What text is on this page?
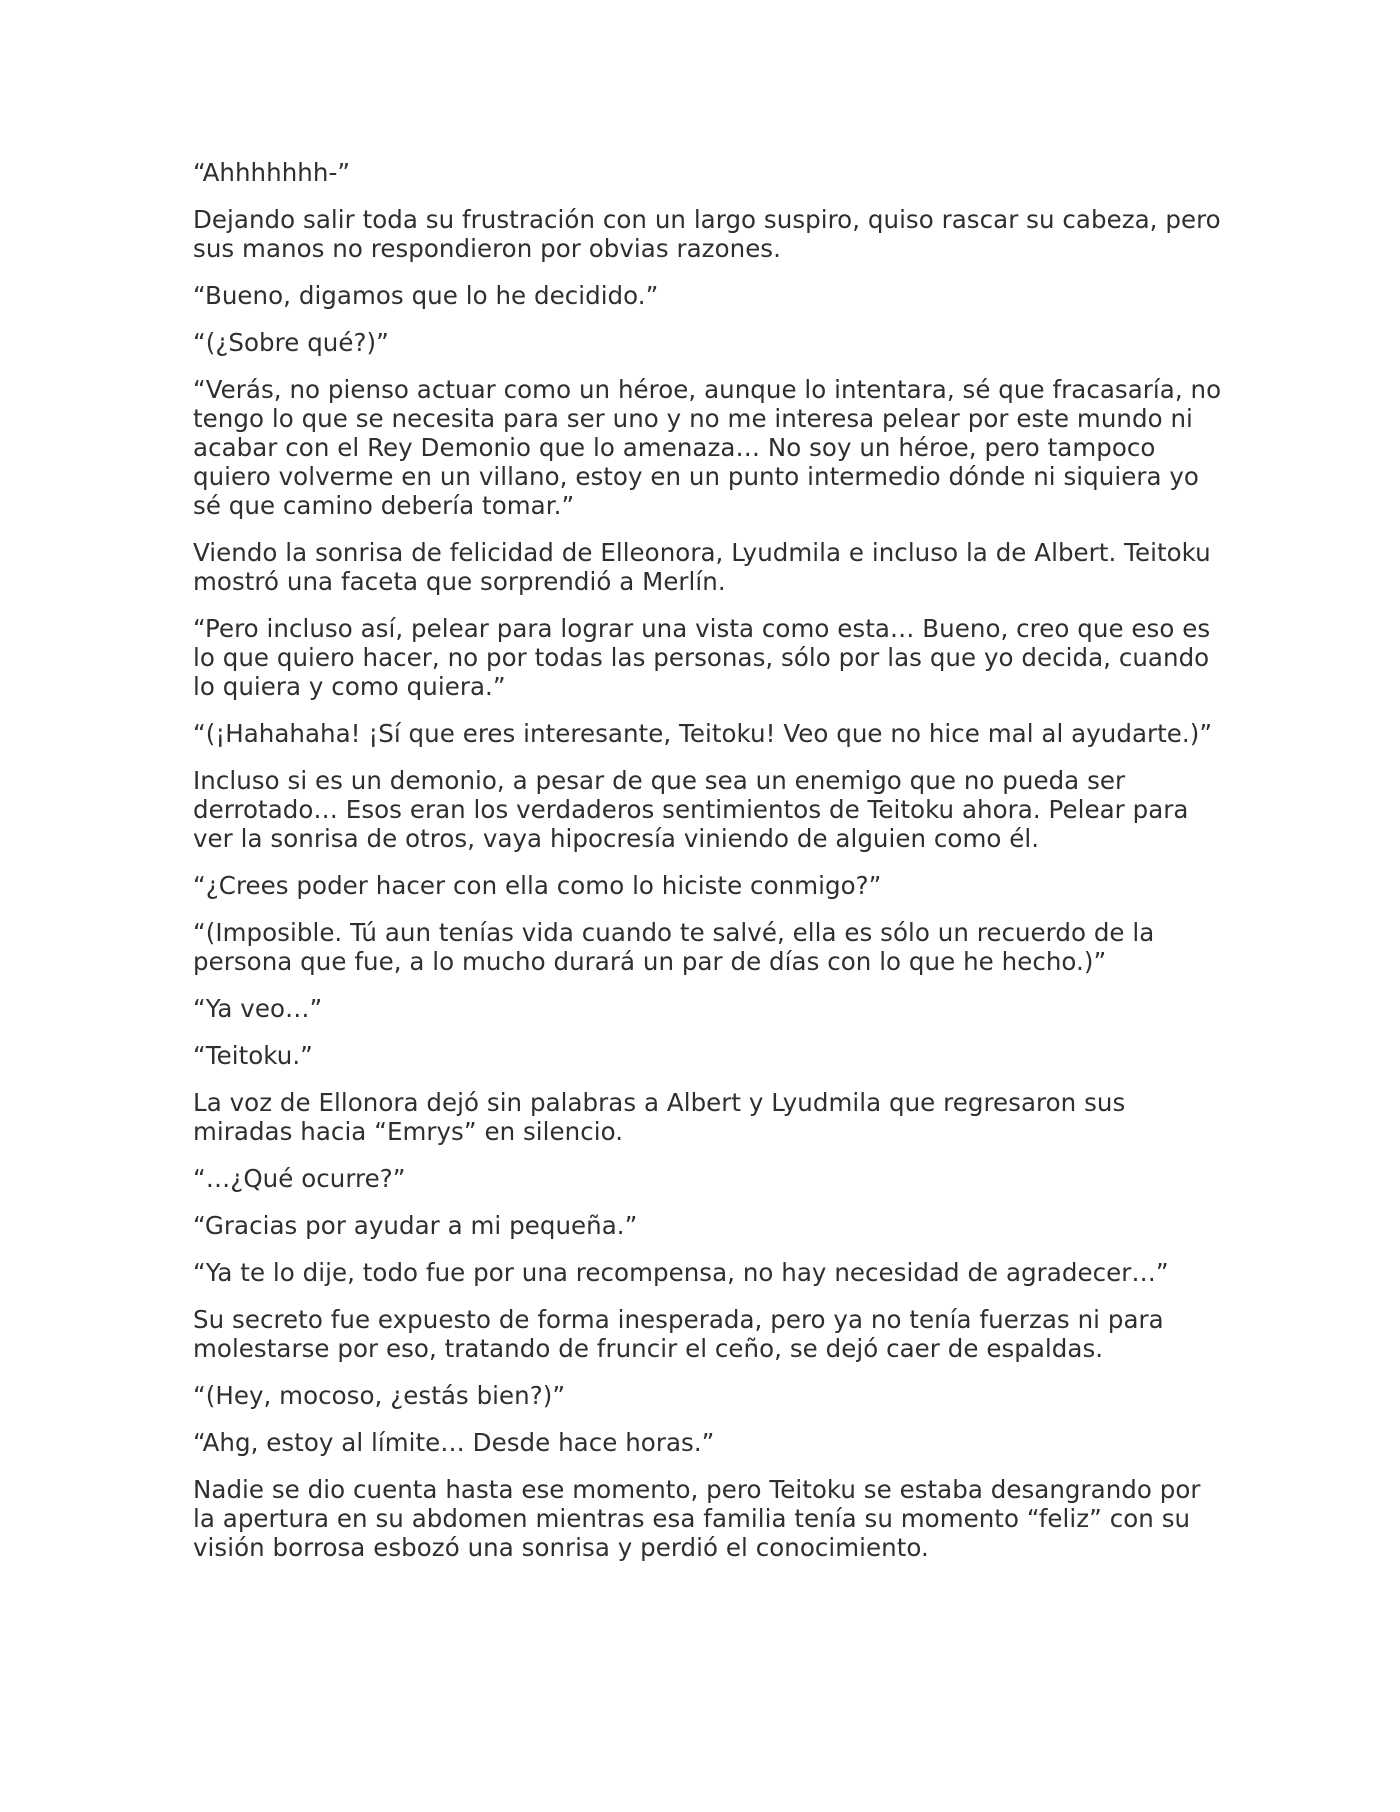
“Ahhhhhhh-”

Dejando salir toda su frustración con un largo suspiro, quiso rascar su cabeza, pero sus manos no respondieron por obvias razones.

“Bueno, digamos que lo he decidido.”

“(¿Sobre qué?)”

“Verás, no pienso actuar como un héroe, aunque lo intentara, sé que fracasaría, no tengo lo que se necesita para ser uno y no me interesa pelear por este mundo ni acabar con el Rey Demonio que lo amenaza… No soy un héroe, pero tampoco quiero volverme en un villano, estoy en un punto intermedio dónde ni siquiera yo sé que camino debería tomar.”

Viendo la sonrisa de felicidad de Elleonora, Lyudmila e incluso la de Albert. Teitoku mostró una faceta que sorprendió a Merlín.

“Pero incluso así, pelear para lograr una vista como esta… Bueno, creo que eso es lo que quiero hacer, no por todas las personas, sólo por las que yo decida, cuando lo quiera y como quiera.”

“(¡Hahahaha! ¡Sí que eres interesante, Teitoku! Veo que no hice mal al ayudarte.)”

Incluso si es un demonio, a pesar de que sea un enemigo que no pueda ser derrotado… Esos eran los verdaderos sentimientos de Teitoku ahora. Pelear para ver la sonrisa de otros, vaya hipocresía viniendo de alguien como él.

“¿Crees poder hacer con ella como lo hiciste conmigo?”

“(Imposible. Tú aun tenías vida cuando te salvé, ella es sólo un recuerdo de la persona que fue, a lo mucho durará un par de días con lo que he hecho.)”

“Ya veo…”

“Teitoku.”

La voz de Ellonora dejó sin palabras a Albert y Lyudmila que regresaron sus miradas hacia “Emrys” en silencio.

“…¿Qué ocurre?”

“Gracias por ayudar a mi pequeña.”

“Ya te lo dije, todo fue por una recompensa, no hay necesidad de agradecer…”

Su secreto fue expuesto de forma inesperada, pero ya no tenía fuerzas ni para molestarse por eso, tratando de fruncir el ceño, se dejó caer de espaldas.

“(Hey, mocoso, ¿estás bien?)”

“Ahg, estoy al límite… Desde hace horas.”

Nadie se dio cuenta hasta ese momento, pero Teitoku se estaba desangrando por la apertura en su abdomen mientras esa familia tenía su momento “feliz” con su visión borrosa esbozó una sonrisa y perdió el conocimiento.
